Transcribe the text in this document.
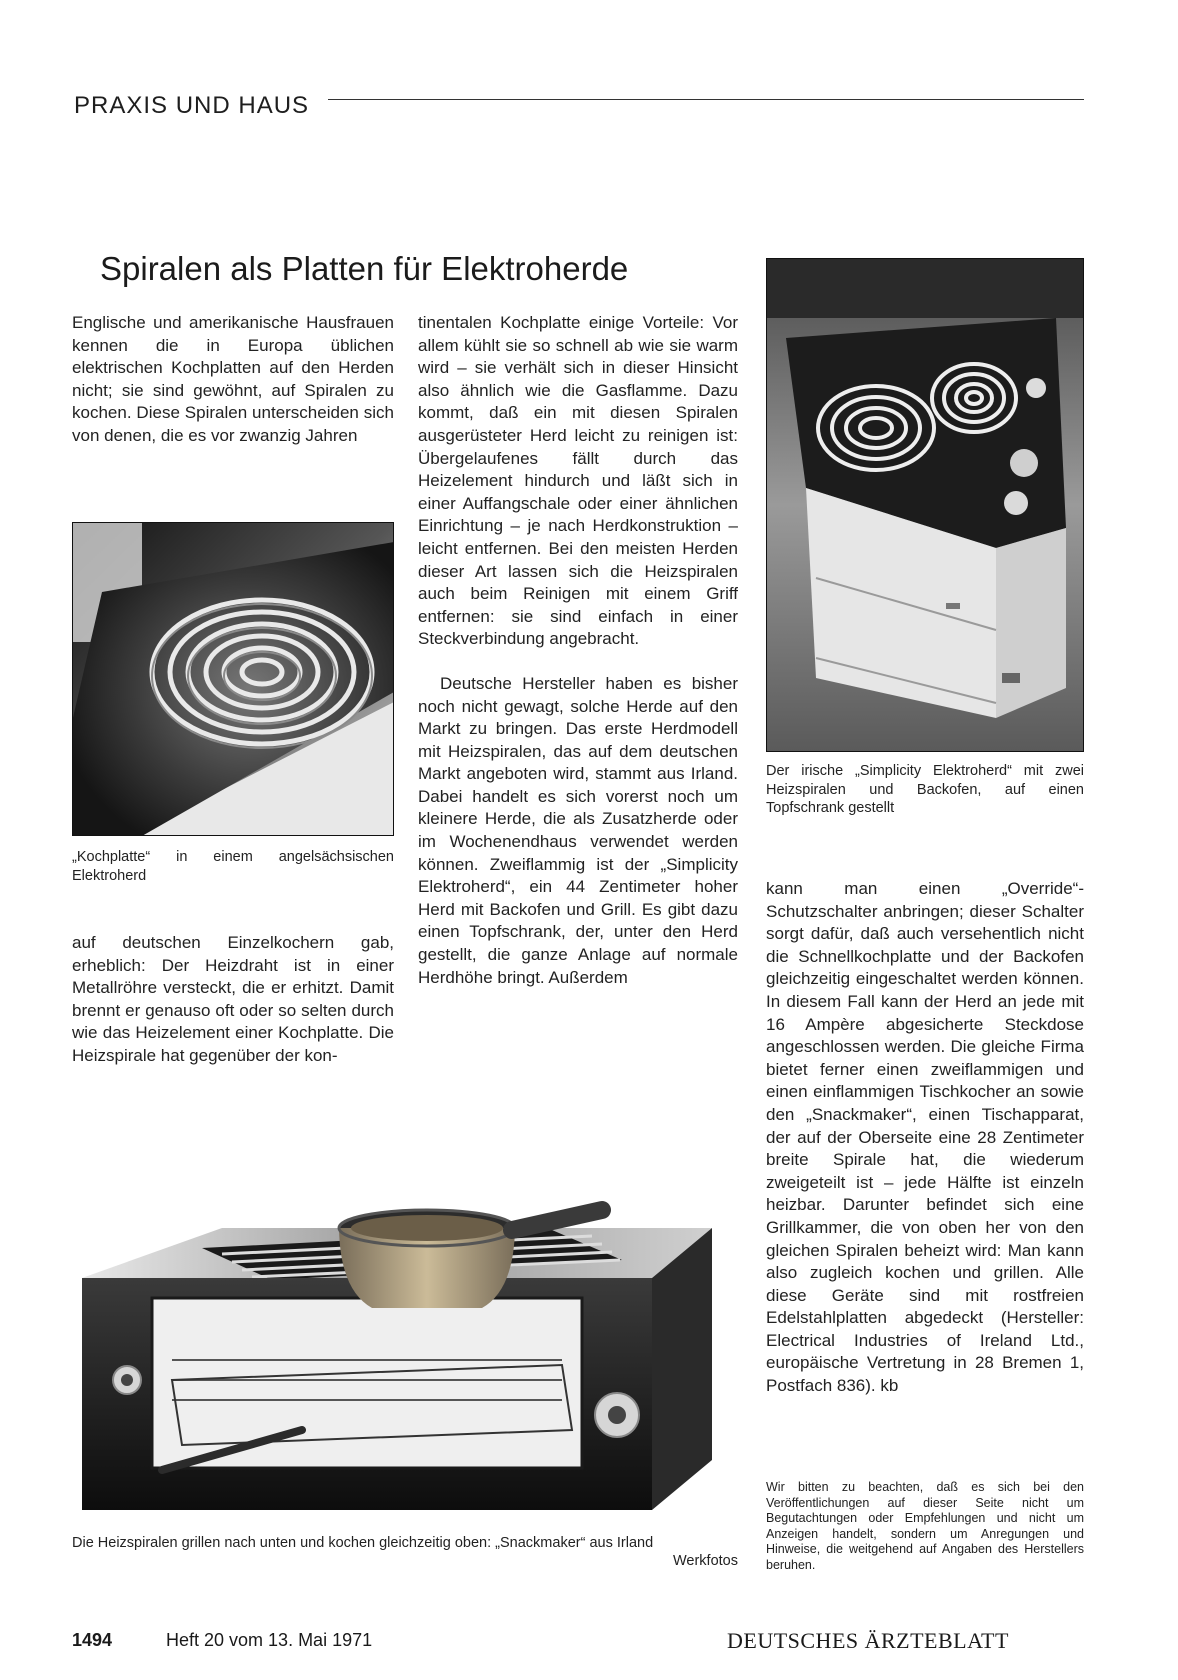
PRAXIS UND HAUS
Spiralen als Platten für Elektroherde

Englische und amerikanische Hausfrauen kennen die in Europa üblichen elektrischen Kochplatten auf den Herden nicht; sie sind gewöhnt, auf Spiralen zu kochen. Diese Spiralen unterscheiden sich von denen, die es vor zwanzig Jahren

„Kochplatte“ in einem angelsächsischen Elektroherd

auf deutschen Einzelkochern gab, erheblich: Der Heizdraht ist in einer Metallröhre versteckt, die er erhitzt. Damit brennt er genauso oft oder so selten durch wie das Heizelement einer Kochplatte. Die Heizspirale hat gegenüber der kon-

tinentalen Kochplatte einige Vorteile: Vor allem kühlt sie so schnell ab wie sie warm wird – sie verhält sich in dieser Hinsicht also ähnlich wie die Gasflamme. Dazu kommt, daß ein mit diesen Spiralen ausgerüsteter Herd leicht zu reinigen ist: Übergelaufenes fällt durch das Heizelement hindurch und läßt sich in einer Auffangschale oder einer ähnlichen Einrichtung – je nach Herdkonstruktion – leicht entfernen. Bei den meisten Herden dieser Art lassen sich die Heizspiralen auch beim Reinigen mit einem Griff entfernen: sie sind einfach in einer Steckverbindung angebracht.

Deutsche Hersteller haben es bisher noch nicht gewagt, solche Herde auf den Markt zu bringen. Das erste Herdmodell mit Heizspiralen, das auf dem deutschen Markt angeboten wird, stammt aus Irland. Dabei handelt es sich vorerst noch um kleinere Herde, die als Zusatzherde oder im Wochenendhaus verwendet werden können. Zweiflammig ist der „Simplicity Elektroherd“, ein 44 Zentimeter hoher Herd mit Backofen und Grill. Es gibt dazu einen Topfschrank, der, unter den Herd gestellt, die ganze Anlage auf normale Herdhöhe bringt. Außerdem

Der irische „Simplicity Elektroherd“ mit zwei Heizspiralen und Backofen, auf einen Topfschrank gestellt

kann man einen „Override“-Schutzschalter anbringen; dieser Schalter sorgt dafür, daß auch versehentlich nicht die Schnellkochplatte und der Backofen gleichzeitig eingeschaltet werden können. In diesem Fall kann der Herd an jede mit 16 Ampère abgesicherte Steckdose angeschlossen werden. Die gleiche Firma bietet ferner einen zweiflammigen und einen einflammigen Tischkocher an sowie den „Snackmaker“, einen Tischapparat, der auf der Oberseite eine 28 Zentimeter breite Spirale hat, die wiederum zweigeteilt ist – jede Hälfte ist einzeln heizbar. Darunter befindet sich eine Grillkammer, die von oben her von den gleichen Spiralen beheizt wird: Man kann also zugleich kochen und grillen. Alle diese Geräte sind mit rostfreien Edelstahlplatten abgedeckt (Hersteller: Electrical Industries of Ireland Ltd., europäische Vertretung in 28 Bremen 1, Postfach 836). kb

Die Heizspiralen grillen nach unten und kochen gleichzeitig oben: „Snackmaker“ aus Irland
Werkfotos
Wir bitten zu beachten, daß es sich bei den Veröffentlichungen auf dieser Seite nicht um Begutachtungen oder Empfehlungen und nicht um Anzeigen handelt, sondern um Anregungen und Hinweise, die weitgehend auf Angaben des Herstellers beruhen.
1494	Heft 20 vom 13. Mai 1971	DEUTSCHES ÄRZTEBLATT
